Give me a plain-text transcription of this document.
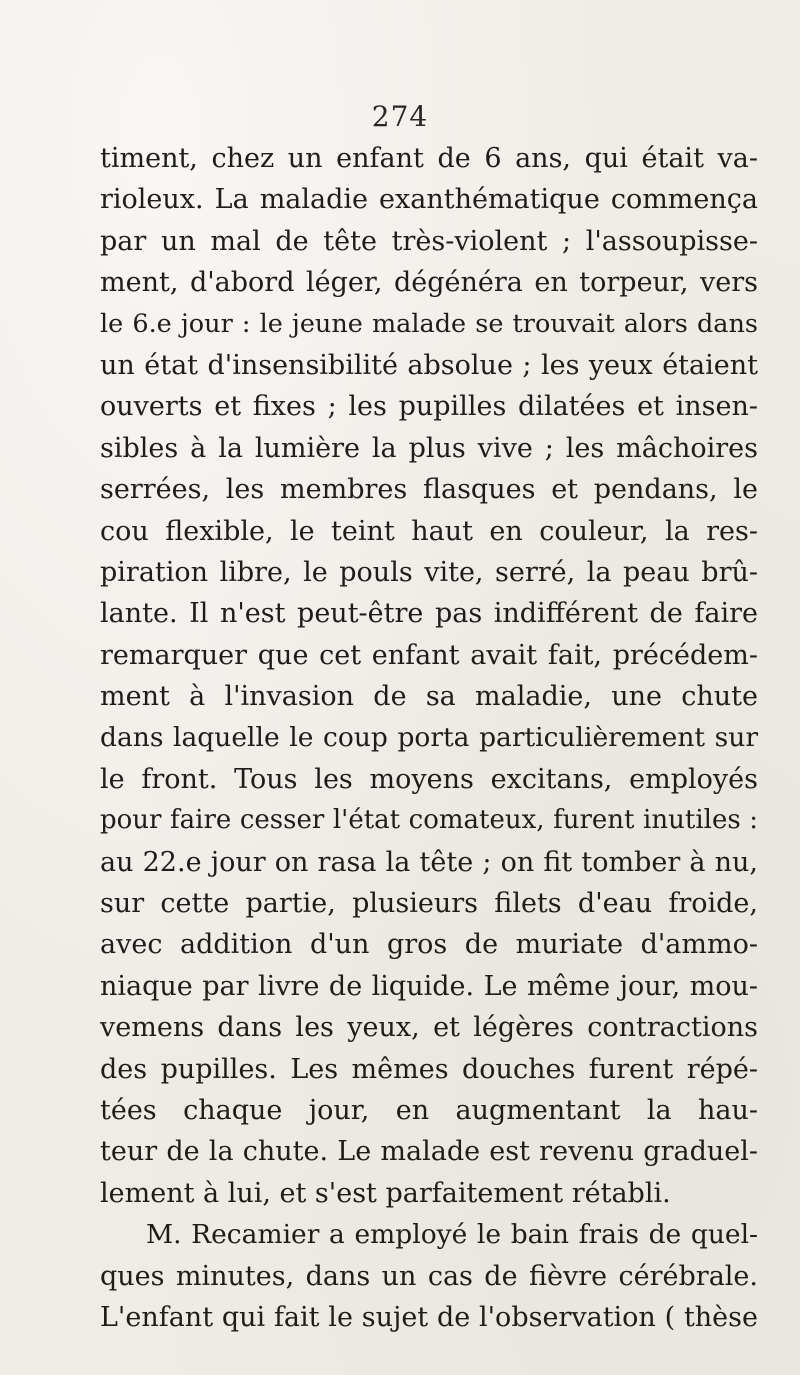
274
timent, chez un enfant de 6 ans, qui était va-
rioleux. La maladie exanthématique commença
par un mal de tête très-violent ; l'assoupisse-
ment, d'abord léger, dégénéra en torpeur, vers
le 6.e jour : le jeune malade se trouvait alors dans
un état d'insensibilité absolue ; les yeux étaient
ouverts et fixes ; les pupilles dilatées et insen-
sibles à la lumière la plus vive ; les mâchoires
serrées, les membres flasques et pendans, le
cou flexible, le teint haut en couleur, la res-
piration libre, le pouls vite, serré, la peau brû-
lante. Il n'est peut-être pas indifférent de faire
remarquer que cet enfant avait fait, précédem-
ment à l'invasion de sa maladie, une chute
dans laquelle le coup porta particulièrement sur
le front. Tous les moyens excitans, employés
pour faire cesser l'état comateux, furent inutiles :
au 22.e jour on rasa la tête ; on fit tomber à nu,
sur cette partie, plusieurs filets d'eau froide,
avec addition d'un gros de muriate d'ammo-
niaque par livre de liquide. Le même jour, mou-
vemens dans les yeux, et légères contractions
des pupilles. Les mêmes douches furent répé-
tées chaque jour, en augmentant la hau-
teur de la chute. Le malade est revenu graduel-
lement à lui, et s'est parfaitement rétabli.
M. Recamier a employé le bain frais de quel-
ques minutes, dans un cas de fièvre cérébrale.
L'enfant qui fait le sujet de l'observation ( thèse
